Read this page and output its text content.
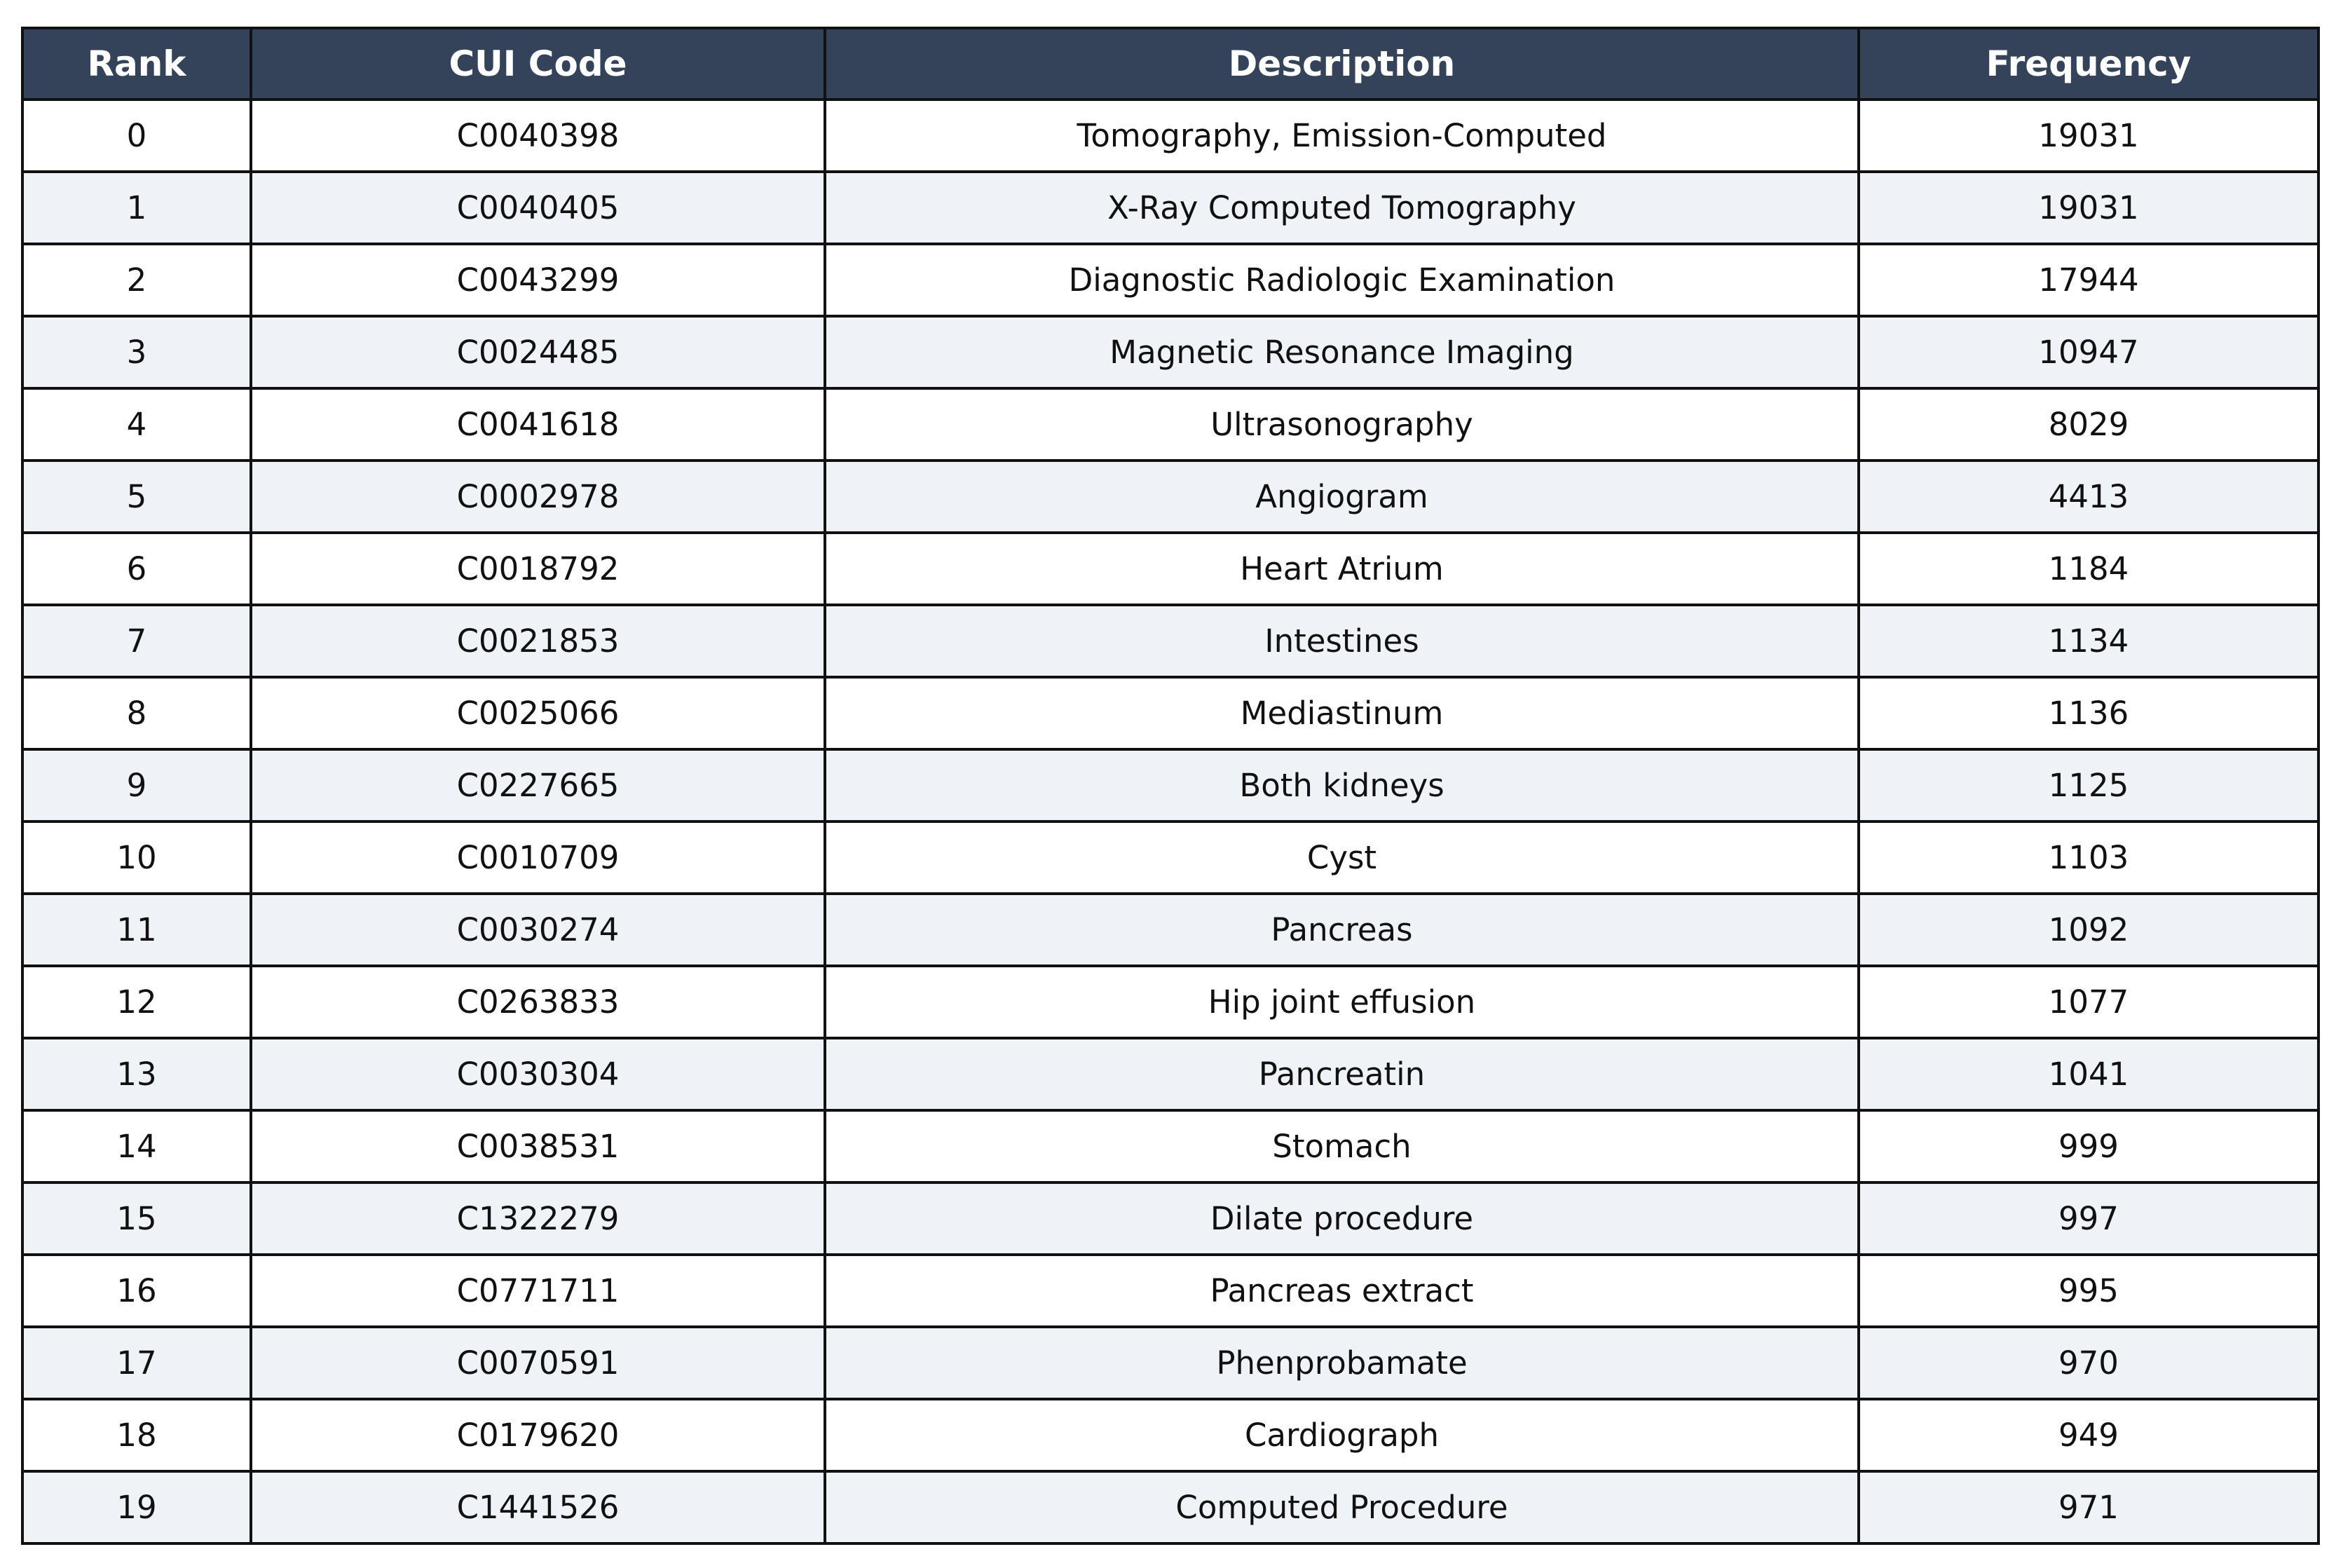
Rank	CUI Code	Description	Frequency
0	C0040398	Tomography, Emission-Computed	19031
1	C0040405	X-Ray Computed Tomography	19031
2	C0043299	Diagnostic Radiologic Examination	17944
3	C0024485	Magnetic Resonance Imaging	10947
4	C0041618	Ultrasonography	8029
5	C0002978	Angiogram	4413
6	C0018792	Heart Atrium	1184
7	C0021853	Intestines	1134
8	C0025066	Mediastinum	1136
9	C0227665	Both kidneys	1125
10	C0010709	Cyst	1103
11	C0030274	Pancreas	1092
12	C0263833	Hip joint effusion	1077
13	C0030304	Pancreatin	1041
14	C0038531	Stomach	999
15	C1322279	Dilate procedure	997
16	C0771711	Pancreas extract	995
17	C0070591	Phenprobamate	970
18	C0179620	Cardiograph	949
19	C1441526	Computed Procedure	971
